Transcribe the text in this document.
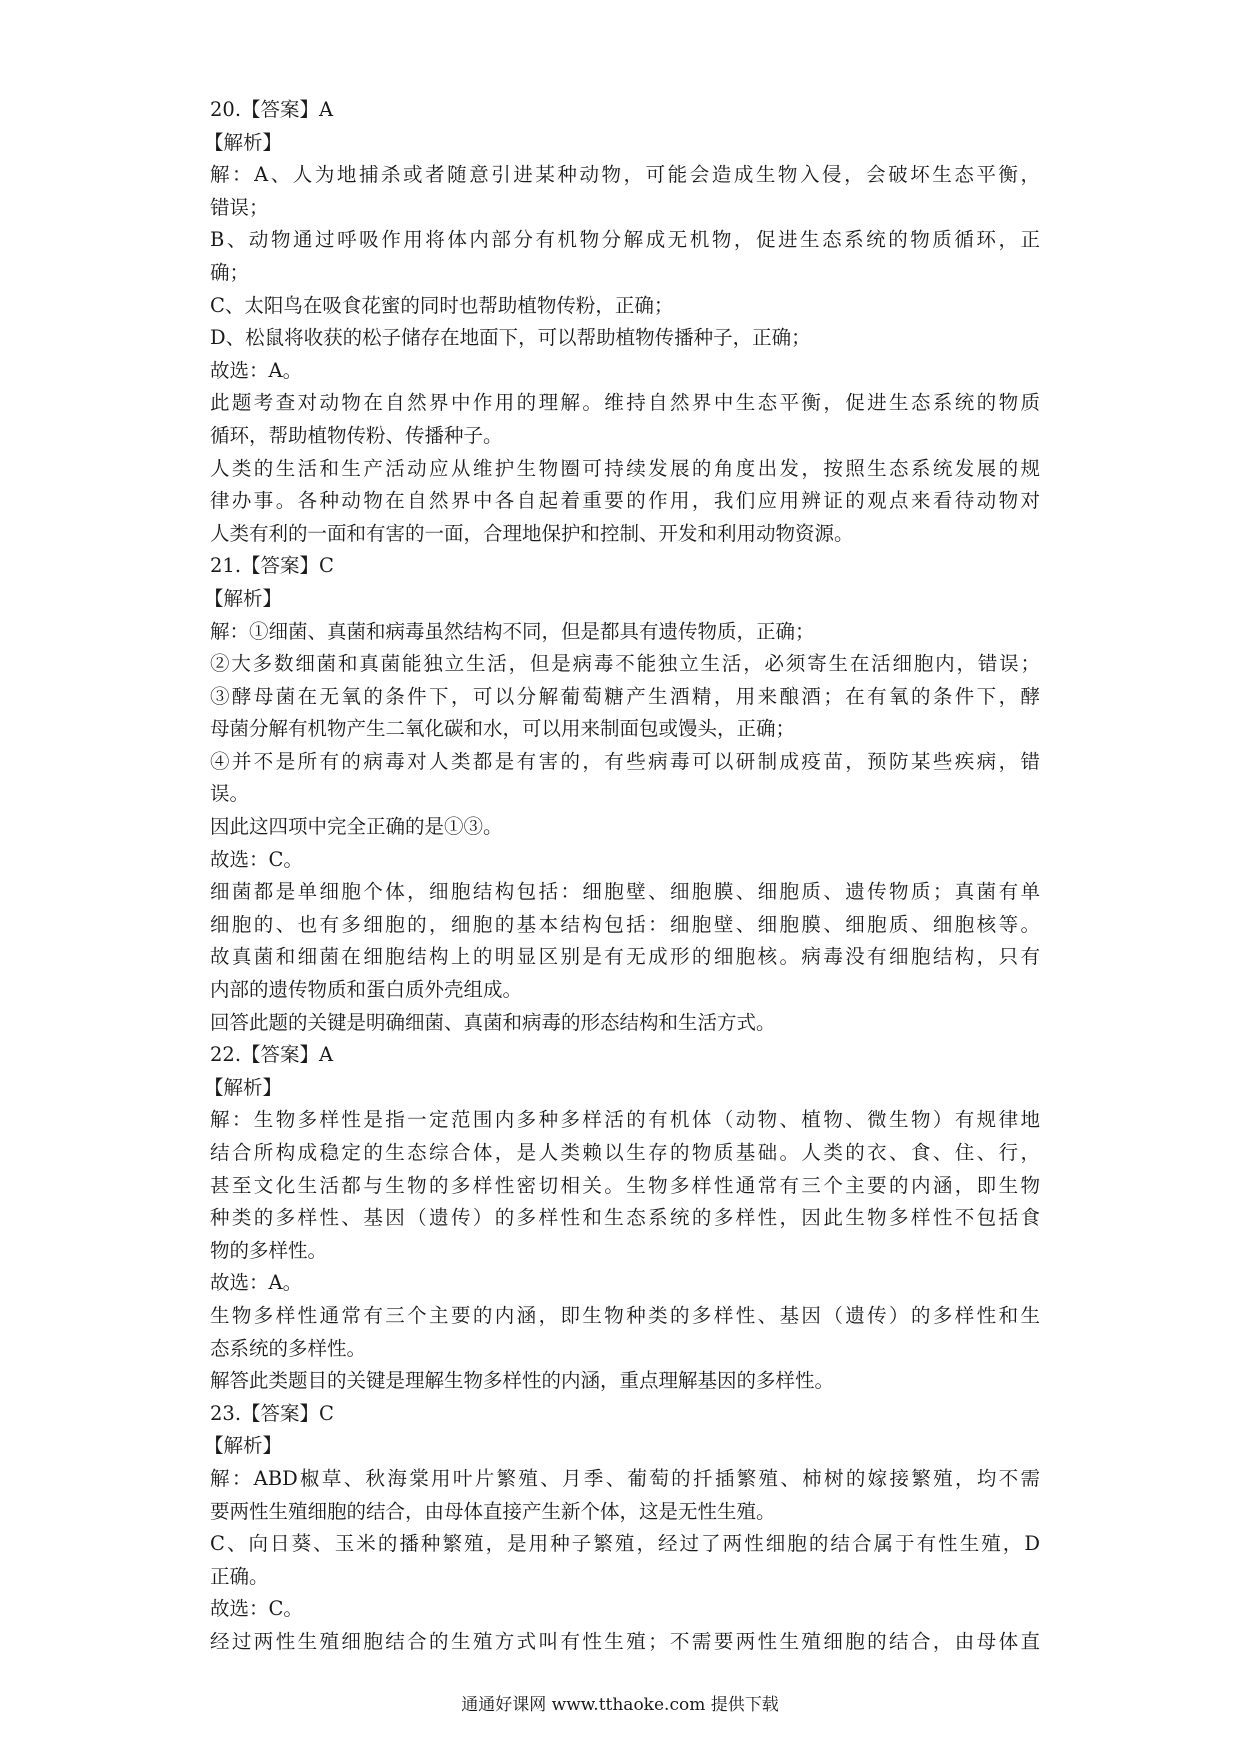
20.【答案】A
【解析】
解：A、人为地捕杀或者随意引进某种动物，可能会造成生物入侵，会破坏生态平衡，
错误；
B、动物通过呼吸作用将体内部分有机物分解成无机物，促进生态系统的物质循环，正
确；
C、太阳鸟在吸食花蜜的同时也帮助植物传粉，正确；
D、松鼠将收获的松子储存在地面下，可以帮助植物传播种子，正确；
故选：A。
此题考查对动物在自然界中作用的理解。维持自然界中生态平衡，促进生态系统的物质
循环，帮助植物传粉、传播种子。
人类的生活和生产活动应从维护生物圈可持续发展的角度出发，按照生态系统发展的规
律办事。各种动物在自然界中各自起着重要的作用，我们应用辨证的观点来看待动物对
人类有利的一面和有害的一面，合理地保护和控制、开发和利用动物资源。
21.【答案】C
【解析】
解：①细菌、真菌和病毒虽然结构不同，但是都具有遗传物质，正确；
②大多数细菌和真菌能独立生活，但是病毒不能独立生活，必须寄生在活细胞内，错误；
③酵母菌在无氧的条件下，可以分解葡萄糖产生酒精，用来酿酒；在有氧的条件下，酵
母菌分解有机物产生二氧化碳和水，可以用来制面包或馒头，正确；
④并不是所有的病毒对人类都是有害的，有些病毒可以研制成疫苗，预防某些疾病，错
误。
因此这四项中完全正确的是①③。
故选：C。
细菌都是单细胞个体，细胞结构包括：细胞壁、细胞膜、细胞质、遗传物质；真菌有单
细胞的、也有多细胞的，细胞的基本结构包括：细胞壁、细胞膜、细胞质、细胞核等。
故真菌和细菌在细胞结构上的明显区别是有无成形的细胞核。病毒没有细胞结构，只有
内部的遗传物质和蛋白质外壳组成。
回答此题的关键是明确细菌、真菌和病毒的形态结构和生活方式。
22.【答案】A
【解析】
解：生物多样性是指一定范围内多种多样活的有机体（动物、植物、微生物）有规律地
结合所构成稳定的生态综合体，是人类赖以生存的物质基础。人类的衣、食、住、行，
甚至文化生活都与生物的多样性密切相关。生物多样性通常有三个主要的内涵，即生物
种类的多样性、基因（遗传）的多样性和生态系统的多样性，因此生物多样性不包括食
物的多样性。
故选：A。
生物多样性通常有三个主要的内涵，即生物种类的多样性、基因（遗传）的多样性和生
态系统的多样性。
解答此类题目的关键是理解生物多样性的内涵，重点理解基因的多样性。
23.【答案】C
【解析】
解：ABD椒草、秋海棠用叶片繁殖、月季、葡萄的扦插繁殖、柿树的嫁接繁殖，均不需
要两性生殖细胞的结合，由母体直接产生新个体，这是无性生殖。
C、向日葵、玉米的播种繁殖，是用种子繁殖，经过了两性细胞的结合属于有性生殖，D
正确。
故选：C。
经过两性生殖细胞结合的生殖方式叫有性生殖；不需要两性生殖细胞的结合，由母体直
通通好课网 www.tthaoke.com 提供下载
